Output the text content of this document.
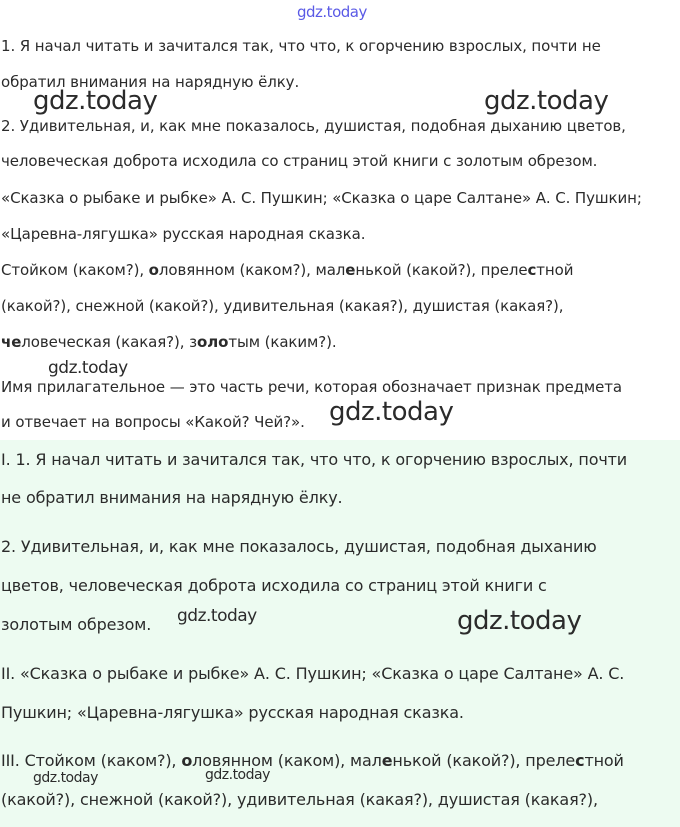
1. Я начал читать и зачитался так, что что, к огорчению взрослых, почти не

обратил внимания на нарядную ёлку.

2. Удивительная, и, как мне показалось, душистая, подобная дыханию цветов,

человеческая доброта исходила со страниц этой книги с золотым обрезом.

«Сказка о рыбаке и рыбке» А. С. Пушкин; «Сказка о царе Салтане» А. С. Пушкин;

«Царевна-лягушка» русская народная сказка.

Стойком (каком?), оловянном (каком?), маленькой (какой?), прелестной

(какой?), снежной (какой?), удивительная (какая?), душистая (какая?),

человеческая (какая?), золотым (каким?).

Имя прилагательное — это часть речи, которая обозначает признак предмета

и отвечает на вопросы «Какой? Чей?».

I. 1. Я начал читать и зачитался так, что что, к огорчению взрослых, почти

не обратил внимания на нарядную ёлку.

2. Удивительная, и, как мне показалось, душистая, подобная дыханию

цветов, человеческая доброта исходила со страниц этой книги с

золотым обрезом.

II. «Сказка о рыбаке и рыбке» А. С. Пушкин; «Сказка о царе Салтане» А. С.

Пушкин; «Царевна-лягушка» русская народная сказка.

III. Стойком (каком?), оловянном (каком), маленькой (какой?), прелестной

(какой?), снежной (какой?), удивительная (какая?), душистая (какая?),

gdz.today
gdz.today	gdz.today
gdz.today
gdz.today
gdz.today	gdz.today
gdz.today	gdz.today
